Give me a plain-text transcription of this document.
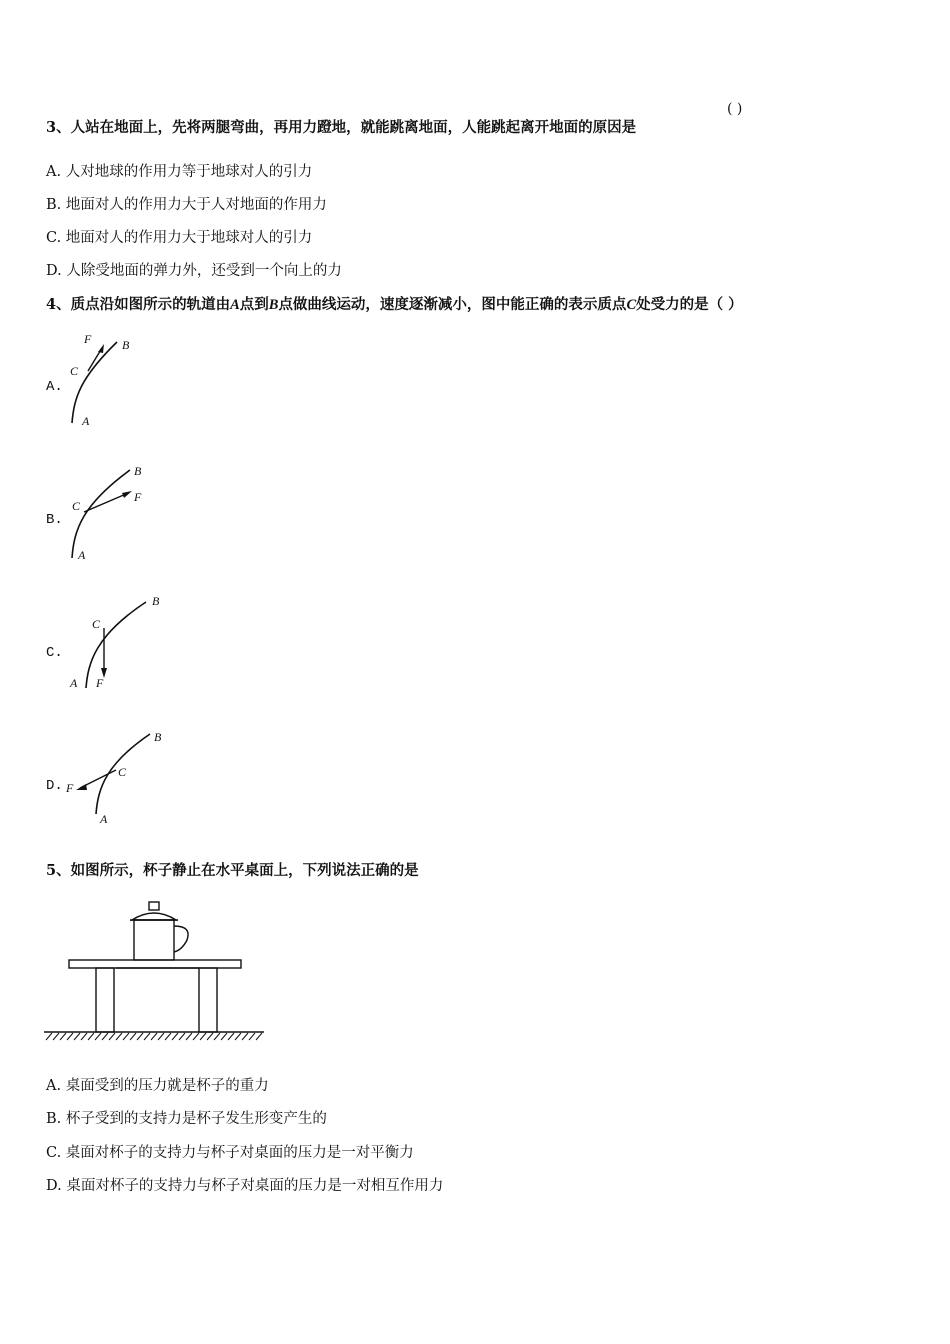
3、人站在地面上，先将两腿弯曲，再用力蹬地，就能跳离地面，人能跳起离开地面的原因是
( )
A. 人对地球的作用力等于地球对人的引力
B. 地面对人的作用力大于人对地面的作用力
C. 地面对人的作用力大于地球对人的引力
D. 人除受地面的弹力外，还受到一个向上的力
4、质点沿如图所示的轨道由A点到B点做曲线运动，速度逐渐减小，图中能正确的表示质点C处受力的是（ ）
A.
F	B
C
A
B.
B
F
C
A
C.
B
C
A F
D.
B
C
F
A
5、如图所示，杯子静止在水平桌面上，下列说法正确的是
A. 桌面受到的压力就是杯子的重力
B. 杯子受到的支持力是杯子发生形变产生的
C. 桌面对杯子的支持力与杯子对桌面的压力是一对平衡力
D. 桌面对杯子的支持力与杯子对桌面的压力是一对相互作用力
